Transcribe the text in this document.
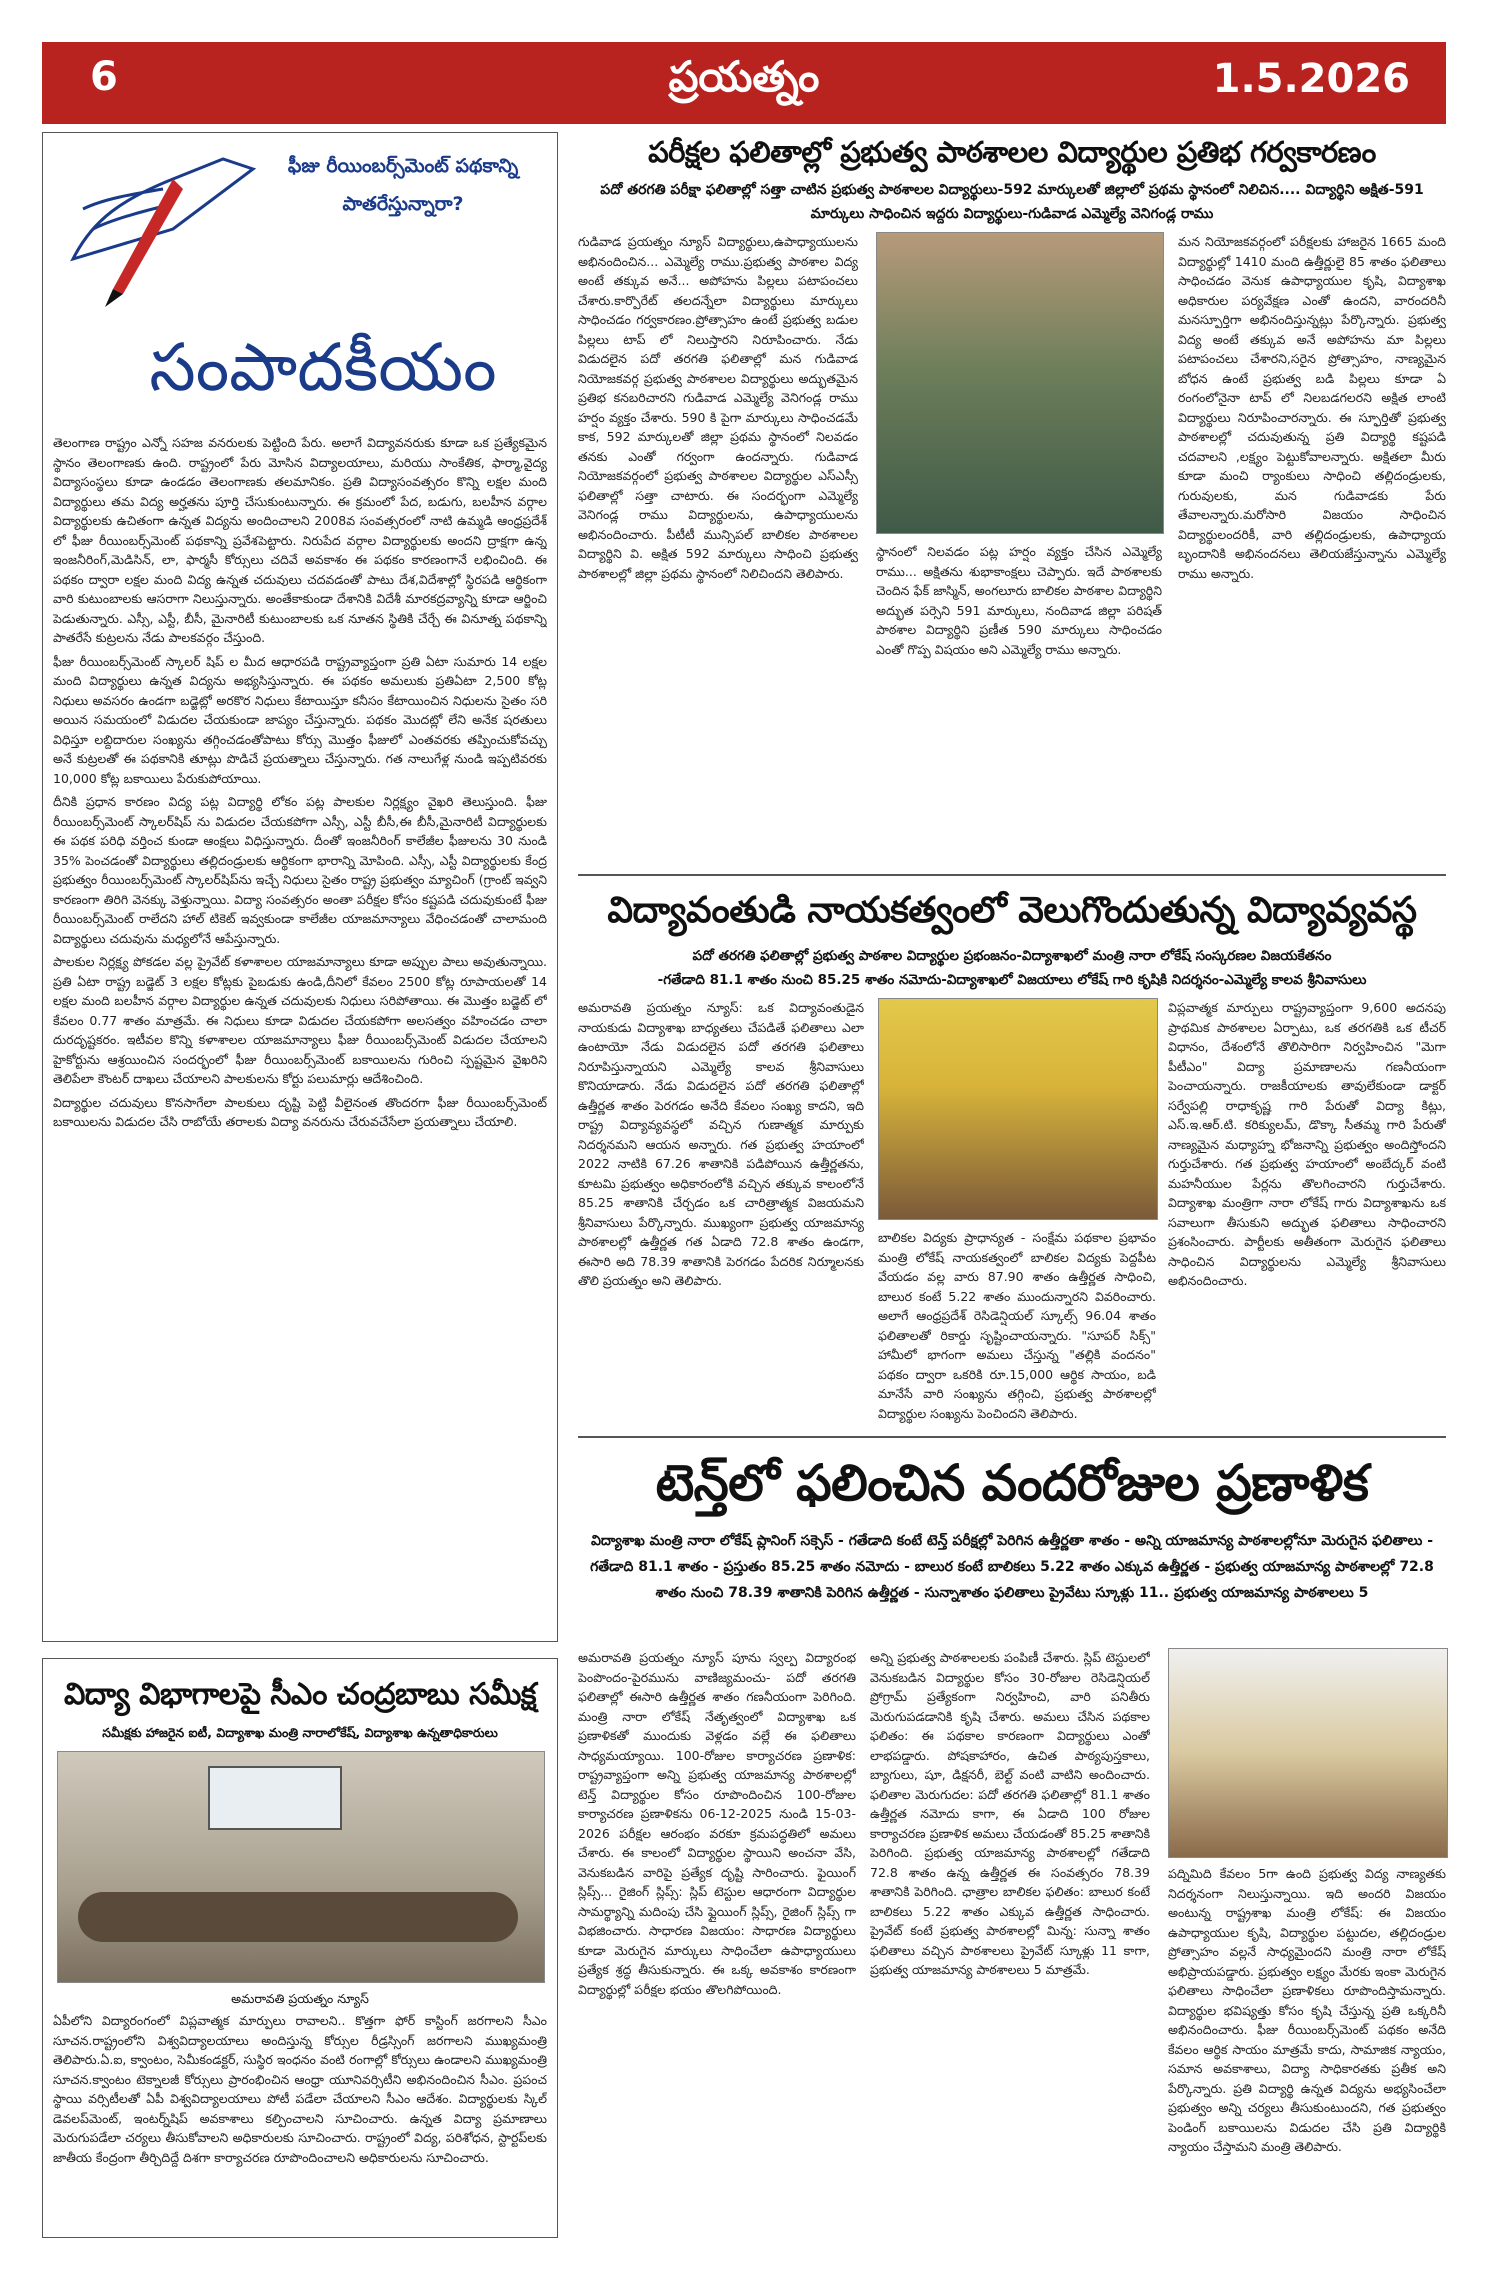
6	ప్రయత్నం	1.5.2026
ఫీజు రీయింబర్స్‌మెంట్ పథకాన్ని పాతరేస్తున్నారా?
సంపాదకీయం

తెలంగాణ రాష్ట్రం ఎన్నో సహజ వనరులకు పెట్టింది పేరు. అలాగే విద్యావనరుకు కూడా ఒక ప్రత్యేకమైన స్థానం తెలంగాణకు ఉంది. రాష్ట్రంలో పేరు మోసిన విద్యాలయాలు, మరియు సాంకేతిక, ఫార్మా,వైద్య విద్యాసంస్థలు కూడా ఉండడం తెలంగాణకు తలమానికం. ప్రతి విద్యాసంవత్సరం కొన్ని లక్షల మంది విద్యార్థులు తమ విద్య అర్హతను పూర్తి చేసుకుంటున్నారు. ఈ క్రమంలో పేద, బడుగు, బలహీన వర్గాల విద్యార్థులకు ఉచితంగా ఉన్నత విద్యను అందించాలని 2008వ సంవత్సరంలో నాటి ఉమ్మడి ఆంధ్రప్రదేశ్ లో ఫీజు రీయింబర్స్‌మెంట్ పథకాన్ని ప్రవేశపెట్టారు. నిరుపేద వర్గాల విద్యార్థులకు అందని ద్రాక్షగా ఉన్న ఇంజనీరింగ్,మెడిసిన్, లా, ఫార్మసీ కోర్సులు చదివే అవకాశం ఈ పథకం కారణంగానే లభించింది. ఈ పథకం ద్వారా లక్షల మంది విద్య ఉన్నత చదువులు చదవడంతో పాటు దేశ,విదేశాల్లో స్థిరపడి ఆర్థికంగా వారి కుటుంబాలకు ఆసరాగా నిలుస్తున్నారు. అంతేకాకుండా దేశానికి విదేశీ మారకద్రవ్యాన్ని కూడా ఆర్జించి పెడుతున్నారు. ఎస్సీ, ఎస్టీ, బీసీ, మైనారిటీ కుటుంబాలకు ఒక నూతన స్థితికి చేర్చే ఈ వినూత్న పథకాన్ని పాతరేసే కుట్రలను నేడు పాలకవర్గం చేస్తుంది.

ఫీజు రీయింబర్స్‌మెంట్ స్కాలర్ షిప్ ల మీద ఆధారపడి రాష్ట్రవ్యాప్తంగా ప్రతి ఏటా సుమారు 14 లక్షల మంది విద్యార్థులు ఉన్నత విద్యను అభ్యసిస్తున్నారు. ఈ పథకం అమలుకు ప్రతిఏటా 2,500 కోట్ల నిధులు అవసరం ఉండగా బడ్జెట్లో అరకొర నిధులు కేటాయిస్తూ కనీసం కేటాయించిన నిధులను సైతం సరి అయిన సమయంలో విడుదల చేయకుండా జాప్యం చేస్తున్నారు. పథకం మొదట్లో లేని అనేక షరతులు విధిస్తూ లబ్దిదారుల సంఖ్యను తగ్గించడంతోపాటు కోర్సు మొత్తం ఫీజులో ఎంతవరకు తప్పించుకోవచ్చు అనే కుట్రలతో ఈ పథకానికి తూట్లు పొడిచే ప్రయత్నాలు చేస్తున్నారు. గత నాలుగేళ్ల నుండి ఇప్పటివరకు 10,000 కోట్ల బకాయిలు పేరుకుపోయాయి.

దీనికి ప్రధాన కారణం విద్య పట్ల విద్యార్థి లోకం పట్ల పాలకుల నిర్లక్ష్యం వైఖరి తెలుస్తుంది. ఫీజు రీయింబర్స్‌మెంట్ స్కాలర్‌షిప్ ను విడుదల చేయకపోగా ఎస్సీ, ఎస్టీ బీసీ,ఈ బీసీ,మైనారిటీ విద్యార్థులకు ఈ పథక పరిధి వర్తించ కుండా ఆంక్షలు విధిస్తున్నారు. దీంతో ఇంజనీరింగ్ కాలేజీల ఫీజులను 30 నుండి 35% పెంచడంతో విద్యార్థులు తల్లిదండ్రులకు ఆర్థికంగా భారాన్ని మోపింది. ఎస్సీ, ఎస్టీ విద్యార్థులకు కేంద్ర ప్రభుత్వం రీయింబర్స్‌మెంట్ స్కాలర్‌షిప్‌ను ఇచ్చే నిధులు సైతం రాష్ట్ర ప్రభుత్వం మ్యాచింగ్ (గ్రాంట్ ఇవ్వని కారణంగా తిరిగి వెనక్కు వెళ్తున్నాయి. విద్యా సంవత్సరం అంతా పరీక్షల కోసం కష్టపడి చదువుకుంటే ఫీజు రీయింబర్స్‌మెంట్ రాలేదని హాల్ టికెట్ ఇవ్వకుండా కాలేజీల యాజమాన్యాలు వేధించడంతో చాలామంది విద్యార్థులు చదువును మధ్యలోనే ఆపేస్తున్నారు.

పాలకుల నిర్లక్ష్య పోకడల వల్ల ప్రైవేట్ కళాశాలల యాజమాన్యాలు కూడా అప్పుల పాలు అవుతున్నాయి. ప్రతి ఏటా రాష్ట్ర బడ్జెట్ 3 లక్షల కోట్లకు పైబడుకు ఉండి,దీనిలో కేవలం 2500 కోట్ల రూపాయలతో 14 లక్షల మంది బలహీన వర్గాల విద్యార్థుల ఉన్నత చదువులకు నిధులు సరిపోతాయి. ఈ మొత్తం బడ్జెట్ లో కేవలం 0.77 శాతం మాత్రమే. ఈ నిధులు కూడా విడుదల చేయకపోగా అలసత్వం వహించడం చాలా దురదృష్టకరం. ఇటీవల కొన్ని కళాశాలల యాజమాన్యాలు ఫీజు రీయింబర్స్‌మెంట్ విడుదల చేయాలని హైకోర్టును ఆశ్రయించిన సందర్భంలో ఫీజు రీయింబర్స్‌మెంట్ బకాయిలను గురించి స్పష్టమైన వైఖరిని తెలిపేలా కౌంటర్ దాఖలు చేయాలని పాలకులను కోర్టు పలుమార్లు ఆదేశించింది.

విద్యార్థుల చదువులు కొనసాగేలా పాలకులు దృష్టి పెట్టి వీలైనంత తొందరగా ఫీజు రీయింబర్స్‌మెంట్ బకాయిలను విడుదల చేసి రాబోయే తరాలకు విద్యా వనరును చేరువచేసేలా ప్రయత్నాలు చేయాలి.

విద్యా విభాగాలపై సీఎం చంద్రబాబు సమీక్ష
సమీక్షకు హాజరైన ఐటీ, విద్యాశాఖ మంత్రి నారాలోకేష్, విద్యాశాఖ ఉన్నతాధికారులు
అమరావతి ప్రయత్నం న్యూస్
ఏపీలోని విద్యారంగంలో విప్లవాత్మక మార్పులు రావాలని.. కొత్తగా ఫోర్ కాస్టింగ్ జరగాలని సీఎం సూచన.రాష్ట్రంలోని విశ్వవిద్యాలయాలు అందిస్తున్న కోర్సుల రీడ్రస్సింగ్ జరగాలని ముఖ్యమంత్రి తెలిపారు.ఏ.ఐ, క్వాంటం, సెమీకండక్టర్, సుస్థిర ఇంధనం వంటి రంగాల్లో కోర్సులు ఉండాలని ముఖ్యమంత్రి సూచన.క్వాంటం టెక్నాలజీ కోర్సులు ప్రారంభించిన ఆంధ్రా యూనివర్సిటీని అభినందించిన సీఎం. ప్రపంచ స్థాయి వర్సిటీలతో ఏపీ విశ్వవిద్యాలయాలు పోటీ పడేలా చేయాలని సీఎం ఆదేశం. విద్యార్థులకు స్కిల్ డెవలప్‌మెంట్, ఇంటర్న్‌షిప్ అవకాశాలు కల్పించాలని సూచించారు. ఉన్నత విద్యా ప్రమాణాలు మెరుగుపడేలా చర్యలు తీసుకోవాలని అధికారులకు సూచించారు. రాష్ట్రంలో విద్య, పరిశోధన, స్టార్టప్‌లకు జాతీయ కేంద్రంగా తీర్చిదిద్దే దిశగా కార్యాచరణ రూపొందించాలని అధికారులను సూచించారు.
పరీక్షల ఫలితాల్లో ప్రభుత్వ పాఠశాలల విద్యార్థుల ప్రతిభ గర్వకారణం
పదో తరగతి పరీక్షా ఫలితాల్లో సత్తా చాటిన ప్రభుత్వ పాఠశాలల విద్యార్థులు-592 మార్కులతో జిల్లాలో ప్రథమ స్థానంలో నిలిచిన.... విద్యార్థిని అక్షిత-591 మార్కులు సాధించిన ఇద్దరు విద్యార్థులు-గుడివాడ ఎమ్మెల్యే వెనిగండ్ల రాము
గుడివాడ ప్రయత్నం న్యూస్ విద్యార్థులు,ఉపాధ్యాయులను అభినందించిన... ఎమ్మెల్యే రాము.ప్రభుత్వ పాఠశాల విద్య అంటే తక్కువ అనే... అపోహను పిల్లలు పటాపంచలు చేశారు.కార్పొరేట్ తలదన్నేలా విద్యార్థులు మార్కులు సాధించడం గర్వకారణం.ప్రోత్సాహం ఉంటే ప్రభుత్వ బడుల పిల్లలు టాప్ లో నిలుస్తారని నిరూపించారు. నేడు విడుదలైన పదో తరగతి ఫలితాల్లో మన గుడివాడ నియోజకవర్గ ప్రభుత్వ పాఠశాలల విద్యార్థులు అద్భుతమైన ప్రతిభ కనబరిచారని గుడివాడ ఎమ్మెల్యే వెనిగండ్ల రాము హర్షం వ్యక్తం చేశారు. 590 కి పైగా మార్కులు సాధించడమే కాక, 592 మార్కులతో జిల్లా ప్రథమ స్థానంలో నిలవడం తనకు ఎంతో గర్వంగా ఉందన్నారు. గుడివాడ నియోజకవర్గంలో ప్రభుత్వ పాఠశాలల విద్యార్థుల ఎస్ఎస్సీ ఫలితాల్లో సత్తా చాటారు. ఈ సందర్భంగా ఎమ్మెల్యే వెనిగండ్ల రాము విద్యార్థులను, ఉపాధ్యాయులను అభినందించారు. పీటీటీ మున్సిపల్ బాలికల పాఠశాలల విద్యార్థిని వి. అక్షిత 592 మార్కులు సాధించి ప్రభుత్వ పాఠశాలల్లో జిల్లా ప్రథమ స్థానంలో నిలిచిందని తెలిపారు.
స్థానంలో నిలవడం పట్ల హర్షం వ్యక్తం చేసిన ఎమ్మెల్యే రాము... అక్షితను శుభాకాంక్షలు చెప్పారు. ఇదే పాఠశాలకు చెందిన ఫేక్ జాస్మిన్, అంగలూరు బాలికల పాఠశాల విద్యార్థిని అద్భుత పర్సెని 591 మార్కులు, నందివాడ జిల్లా పరిషత్ పాఠశాల విద్యార్థిని ప్రణీత 590 మార్కులు సాధించడం ఎంతో గొప్ప విషయం అని ఎమ్మెల్యే రాము అన్నారు.
మన నియోజకవర్గంలో పరీక్షలకు హాజరైన 1665 మంది విద్యార్థుల్లో 1410 మంది ఉత్తీర్ణులై 85 శాతం ఫలితాలు సాధించడం వెనుక ఉపాధ్యాయుల కృషి, విద్యాశాఖ అధికారుల పర్యవేక్షణ ఎంతో ఉందని, వారందరినీ మనస్పూర్తిగా అభినందిస్తున్నట్లు పేర్కొన్నారు. ప్రభుత్వ విద్య అంటే తక్కువ అనే అపోహను మా పిల్లలు పటాపంచలు చేశారని,సరైన ప్రోత్సాహం, నాణ్యమైన బోధన ఉంటే ప్రభుత్వ బడి పిల్లలు కూడా ఏ రంగంలోనైనా టాప్ లో నిలబడగలరని అక్షిత లాంటి విద్యార్థులు నిరూపించారన్నారు. ఈ స్ఫూర్తితో ప్రభుత్వ పాఠశాలల్లో చదువుతున్న ప్రతి విద్యార్థి కష్టపడి చదవాలని ,లక్ష్యం పెట్టుకోవాలన్నారు. అక్షితలా మీరు కూడా మంచి ర్యాంకులు సాధించి తల్లిదండ్రులకు, గురువులకు, మన గుడివాడకు పేరు తేవాలన్నారు.మరోసారి విజయం సాధించిన విద్యార్థులందరికీ, వారి తల్లిదండ్రులకు, ఉపాధ్యాయ బృందానికి అభినందనలు తెలియజేస్తున్నాను ఎమ్మెల్యే రాము అన్నారు.
విద్యావంతుడి నాయకత్వంలో వెలుగొందుతున్న విద్యావ్యవస్థ
పదో తరగతి ఫలితాల్లో ప్రభుత్వ పాఠశాల విద్యార్థుల ప్రభంజనం-విద్యాశాఖలో మంత్రి నారా లోకేష్ సంస్కరణల విజయకేతనం
-గతేడాది 81.1 శాతం నుంచి 85.25 శాతం నమోదు-విద్యాశాఖలో విజయాలు లోకేష్ గారి కృషికి నిదర్శనం-ఎమ్మెల్యే కాలవ శ్రీనివాసులు
అమరావతి ప్రయత్నం న్యూస్: ఒక విద్యావంతుడైన నాయకుడు విద్యాశాఖ బాధ్యతలు చేపడితే ఫలితాలు ఎలా ఉంటాయో నేడు విడుదలైన పదో తరగతి ఫలితాలు నిరూపిస్తున్నాయని ఎమ్మెల్యే కాలవ శ్రీనివాసులు కొనియాడారు. నేడు విడుదలైన పదో తరగతి ఫలితాల్లో ఉత్తీర్ణత శాతం పెరగడం అనేది కేవలం సంఖ్య కాదని, ఇది రాష్ట్ర విద్యావ్యవస్థలో వచ్చిన గుణాత్మక మార్పుకు నిదర్శనమని ఆయన అన్నారు. గత ప్రభుత్వ హయాంలో 2022 నాటికి 67.26 శాతానికి పడిపోయిన ఉత్తీర్ణతను, కూటమి ప్రభుత్వం అధికారంలోకి వచ్చిన తక్కువ కాలంలోనే 85.25 శాతానికి చేర్చడం ఒక చారిత్రాత్మక విజయమని శ్రీనివాసులు పేర్కొన్నారు. ముఖ్యంగా ప్రభుత్వ యాజమాన్య పాఠశాలల్లో ఉత్తీర్ణత గత ఏడాది 72.8 శాతం ఉండగా, ఈసారి అది 78.39 శాతానికి పెరగడం పేదరిక నిర్మూలనకు తొలి ప్రయత్నం అని తెలిపారు.
బాలికల విద్యకు ప్రాధాన్యత - సంక్షేమ పథకాల ప్రభావం మంత్రి లోకేష్ నాయకత్వంలో బాలికల విద్యకు పెద్దపీట వేయడం వల్ల వారు 87.90 శాతం ఉత్తీర్ణత సాధించి, బాలుర కంటే 5.22 శాతం ముందున్నారని వివరించారు. అలాగే ఆంధ్రప్రదేశ్ రెసిడెన్షియల్ స్కూల్స్ 96.04 శాతం ఫలితాలతో రికార్డు సృష్టించాయన్నారు. "సూపర్ సిక్స్" హామీలో భాగంగా అమలు చేస్తున్న "తల్లికి వందనం" పథకం ద్వారా ఒకరికి రూ.15,000 ఆర్థిక సాయం, బడి మానేసే వారి సంఖ్యను తగ్గించి, ప్రభుత్వ పాఠశాలల్లో విద్యార్థుల సంఖ్యను పెంచిందని తెలిపారు.
విప్లవాత్మక మార్పులు రాష్ట్రవ్యాప్తంగా 9,600 అదనపు ప్రాథమిక పాఠశాలల ఏర్పాటు, ఒక తరగతికి ఒక టీచర్ విధానం, దేశంలోనే తొలిసారిగా నిర్వహించిన "మెగా పీటీఎం" విద్యా ప్రమాణాలను గణనీయంగా పెంచాయన్నారు. రాజకీయాలకు తావులేకుండా డాక్టర్ సర్వేపల్లి రాధాకృష్ణ గారి పేరుతో విద్యా కిట్లు, ఎస్.ఇ.ఆర్.టి. కరిక్యులమ్, డొక్కా సీతమ్మ గారి పేరుతో నాణ్యమైన మధ్యాహ్న భోజనాన్ని ప్రభుత్వం అందిస్తోందని గుర్తుచేశారు. గత ప్రభుత్వ హయాంలో అంబేద్కర్ వంటి మహనీయుల పేర్లను తొలగించారని గుర్తుచేశారు. విద్యాశాఖ మంత్రిగా నారా లోకేష్ గారు విద్యాశాఖను ఒక సవాలుగా తీసుకుని అద్భుత ఫలితాలు సాధించారని ప్రశంసించారు. పార్టీలకు అతీతంగా మెరుగైన ఫలితాలు సాధించిన విద్యార్థులను ఎమ్మెల్యే శ్రీనివాసులు అభినందించారు.
టెన్త్‌లో ఫలించిన వందరోజుల ప్రణాళిక
విద్యాశాఖ మంత్రి నారా లోకేష్ ప్లానింగ్ సక్సెస్ - గతేడాది కంటే టెన్త్ పరీక్షల్లో పెరిగిన ఉత్తీర్ణతా శాతం - అన్ని యాజమాన్య పాఠశాలల్లోనూ మెరుగైన ఫలితాలు - గతేడాది 81.1 శాతం - ప్రస్తుతం 85.25 శాతం నమోదు - బాలుర కంటే బాలికలు 5.22 శాతం ఎక్కువ ఉత్తీర్ణత - ప్రభుత్వ యాజమాన్య పాఠశాలల్లో 72.8 శాతం నుంచి 78.39 శాతానికి పెరిగిన ఉత్తీర్ణత - సున్నాశాతం ఫలితాలు ప్రైవేటు స్కూళ్లు 11.. ప్రభుత్వ యాజమాన్య పాఠశాలలు 5
అమరావతి ప్రయత్నం న్యూస్ పూను స్వల్ప విద్యారంభ పెంపొందం-పైరమును వాణిజ్యమంచు- పదో తరగతి ఫలితాల్లో ఈసారి ఉత్తీర్ణత శాతం గణనీయంగా పెరిగింది. మంత్రి నారా లోకేష్ నేతృత్వంలో విద్యాశాఖ ఒక ప్రణాళికతో ముందుకు వెళ్లడం వల్లే ఈ ఫలితాలు సాధ్యమయ్యాయి. 100-రోజుల కార్యాచరణ ప్రణాళిక: రాష్ట్రవ్యాప్తంగా అన్ని ప్రభుత్వ యాజమాన్య పాఠశాలల్లో టెన్త్ విద్యార్థుల కోసం రూపొందించిన 100-రోజుల కార్యాచరణ ప్రణాళికను 06-12-2025 నుండి 15-03-2026 పరీక్షల ఆరంభం వరకూ క్రమపద్ధతిలో అమలు చేశారు. ఈ కాలంలో విద్యార్థుల స్థాయిని అంచనా వేసి, వెనుకబడిన వారిపై ప్రత్యేక దృష్టి సారించారు. ఫైయింగ్ స్లిప్స్... రైజింగ్ స్లిప్స్: స్లిప్ టెస్టుల ఆధారంగా విద్యార్థుల సామర్థ్యాన్ని మదింపు చేసి ఫ్లైయింగ్ స్లిప్స్, రైజింగ్ స్లిప్స్ గా విభజించారు. సాధారణ విజయం: సాధారణ విద్యార్థులు కూడా మెరుగైన మార్కులు సాధించేలా ఉపాధ్యాయులు ప్రత్యేక శ్రద్ధ తీసుకున్నారు. ఈ ఒక్క అవకాశం కారణంగా విద్యార్థుల్లో పరీక్షల భయం తొలగిపోయింది.
అన్ని ప్రభుత్వ పాఠశాలలకు పంపిణీ చేశారు. స్లిప్ టెస్టులలో వెనుకబడిన విద్యార్థుల కోసం 30-రోజుల రెసిడెన్షియల్ ప్రోగ్రామ్ ప్రత్యేకంగా నిర్వహించి, వారి పనితీరు మెరుగుపడడానికి కృషి చేశారు. అమలు చేసిన పథకాల ఫలితం: ఈ పథకాల కారణంగా విద్యార్థులు ఎంతో లాభపడ్డారు. పోషకాహారం, ఉచిత పాఠ్యపుస్తకాలు, బ్యాగులు, షూ, డిక్షనరీ, బెల్ట్ వంటి వాటిని అందించారు. ఫలితాల మెరుగుదల: పదో తరగతి ఫలితాల్లో 81.1 శాతం ఉత్తీర్ణత నమోదు కాగా, ఈ ఏడాది 100 రోజుల కార్యాచరణ ప్రణాళిక అమలు చేయడంతో 85.25 శాతానికి పెరిగింది. ప్రభుత్వ యాజమాన్య పాఠశాలల్లో గతేడాది 72.8 శాతం ఉన్న ఉత్తీర్ణత ఈ సంవత్సరం 78.39 శాతానికి పెరిగింది. ఛాత్రాల బాలికల ఫలితం: బాలుర కంటే బాలికలు 5.22 శాతం ఎక్కువ ఉత్తీర్ణత సాధించారు. ప్రైవేట్ కంటే ప్రభుత్వ పాఠశాలల్లో మిన్న: సున్నా శాతం ఫలితాలు వచ్చిన పాఠశాలలు ప్రైవేట్ స్కూళ్లు 11 కాగా, ప్రభుత్వ యాజమాన్య పాఠశాలలు 5 మాత్రమే.
పద్నిమిది కేవలం 5గా ఉంది ప్రభుత్వ విద్య నాణ్యతకు నిదర్శనంగా నిలుస్తున్నాయి. ఇది అందరి విజయం అంటున్న రాష్ట్రశాఖ మంత్రి లోకేష్: ఈ విజయం ఉపాధ్యాయుల కృషి, విద్యార్థుల పట్టుదల, తల్లిదండ్రుల ప్రోత్సాహం వల్లనే సాధ్యమైందని మంత్రి నారా లోకేష్ అభిప్రాయపడ్డారు. ప్రభుత్వం లక్ష్యం మేరకు ఇంకా మెరుగైన ఫలితాలు సాధించేలా ప్రణాళికలు రూపొందిస్తామన్నారు. విద్యార్థుల భవిష్యత్తు కోసం కృషి చేస్తున్న ప్రతి ఒక్కరినీ అభినందించారు. ఫీజు రీయింబర్స్‌మెంట్ పథకం అనేది కేవలం ఆర్థిక సాయం మాత్రమే కాదు, సామాజిక న్యాయం, సమాన అవకాశాలు, విద్యా సాధికారతకు ప్రతీక అని పేర్కొన్నారు. ప్రతి విద్యార్థి ఉన్నత విద్యను అభ్యసించేలా ప్రభుత్వం అన్ని చర్యలు తీసుకుంటుందని, గత ప్రభుత్వం పెండింగ్ బకాయిలను విడుదల చేసి ప్రతి విద్యార్థికి న్యాయం చేస్తామని మంత్రి తెలిపారు.
